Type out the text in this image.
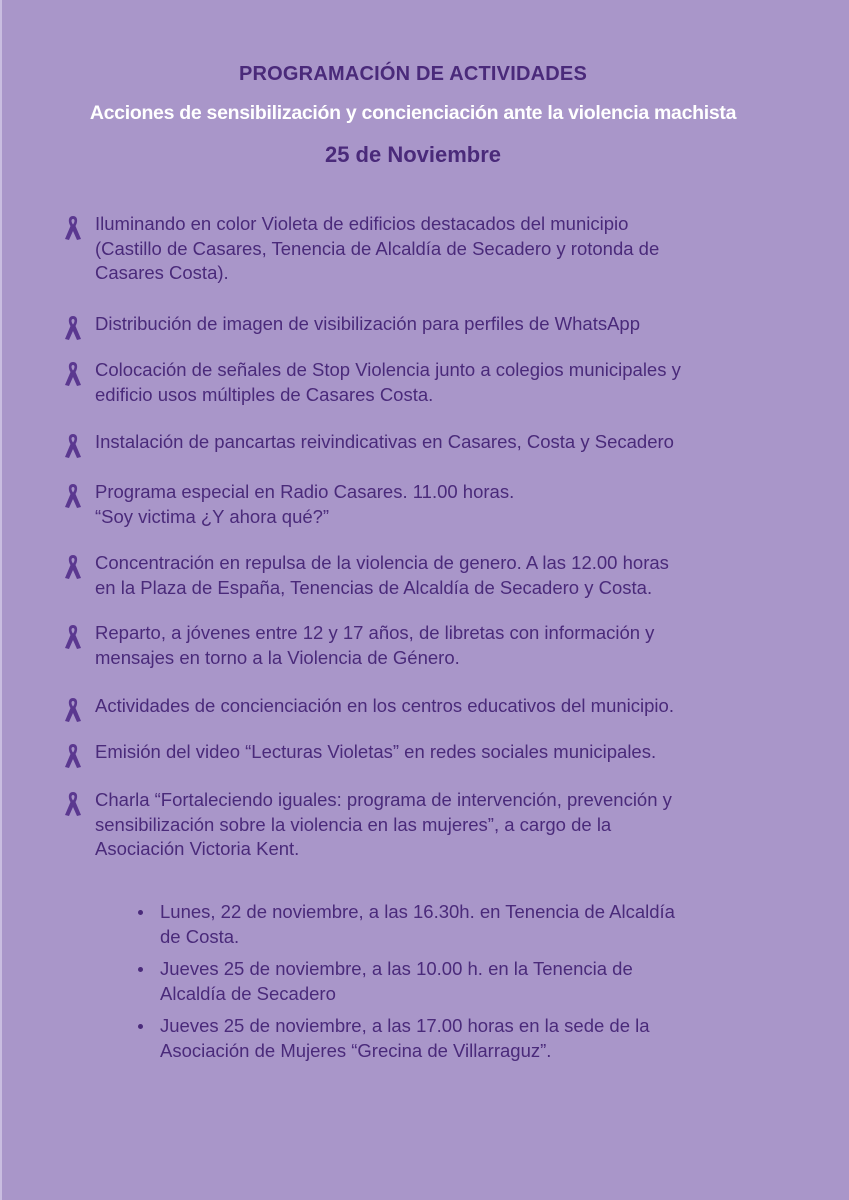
PROGRAMACIÓN DE ACTIVIDADES
Acciones de sensibilización y concienciación ante la violencia machista
25 de Noviembre
Iluminando en color Violeta de edificios destacados del municipio
(Castillo de Casares, Tenencia de Alcaldía de Secadero y rotonda de
Casares Costa).
Distribución de imagen de visibilización para perfiles de WhatsApp
Colocación de señales de Stop Violencia junto a colegios municipales y
edificio usos múltiples de Casares Costa.
Instalación de pancartas reivindicativas en Casares, Costa y Secadero
Programa especial en Radio Casares. 11.00 horas.
“Soy victima ¿Y ahora qué?”
Concentración en repulsa de la violencia de genero. A las 12.00 horas
en la Plaza de España, Tenencias de Alcaldía de Secadero y Costa.
Reparto, a jóvenes entre 12 y 17 años, de libretas con información y
mensajes en torno a la Violencia de Género.
Actividades de concienciación en los centros educativos del municipio.
Emisión del video “Lecturas Violetas” en redes sociales municipales.
Charla “Fortaleciendo iguales: programa de intervención, prevención y
sensibilización sobre la violencia en las mujeres”, a cargo de la
Asociación Victoria Kent.
Lunes, 22 de noviembre, a las 16.30h. en Tenencia de Alcaldía
de Costa.
Jueves 25 de noviembre, a las 10.00 h. en la Tenencia de
Alcaldía de Secadero
Jueves 25 de noviembre, a las 17.00 horas en la sede de la
Asociación de Mujeres “Grecina de Villarraguz”.
